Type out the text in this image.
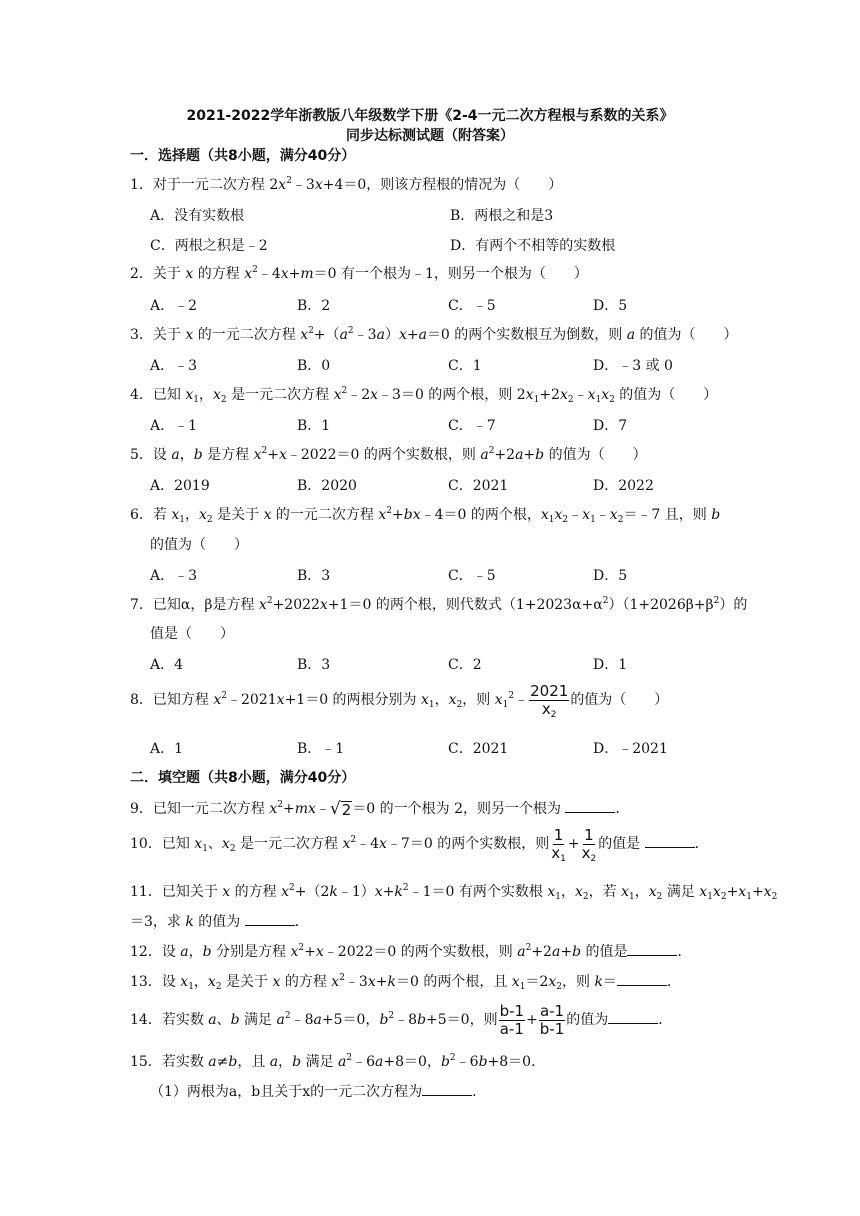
2021-2022学年浙教版八年级数学下册《2-4一元二次方程根与系数的关系》
同步达标测试题（附答案）
一．选择题（共8小题，满分40分）
1．对于一元二次方程 $2x^2﹣3x+4=0$，则该方程根的情况为（　　）
A．没有实数根	B．两根之和是3
C．两根之积是﹣2	D．有两个不相等的实数根
2．关于 x 的方程 $x^2﹣4x+m=0$ 有一个根为﹣1，则另一个根为（　　）
A．﹣2	B．2	C．﹣5	D．5
3．关于 x 的一元二次方程 $x^2+(a^2﹣3a)x+a=0$ 的两个实数根互为倒数，则 a 的值为（　　）
A．﹣3	B．0	C．1	D．﹣3 或 0
4．已知 $x_1$，$x_2$ 是一元二次方程 $x^2﹣2x﹣3=0$ 的两个根，则 $2x_1+2x_2﹣x_1x_2$ 的值为（　　）
A．﹣1	B．1	C．﹣7	D．7
5．设 a，b 是方程 $x^2+x﹣2022=0$ 的两个实数根，则 $a^2+2a+b$ 的值为（　　）
A．2019	B．2020	C．2021	D．2022
6．若 $x_1$，$x_2$ 是关于 x 的一元二次方程 $x^2+bx﹣4=0$ 的两个根，$x_1x_2﹣x_1﹣x_2=﹣7$ 且，则 b
的值为（　　）
A．﹣3	B．3	C．﹣5	D．5
7．已知α，β是方程 $x^2+2022x+1=0$ 的两个根，则代数式$(1+2023\alpha+\alpha^2)(1+2026\beta+\beta^2)$的
值是（　　）
A．4	B．3	C．2	D．1
8．已知方程 $x^2﹣2021x+1=0$ 的两根分别为 $x_1$，$x_2$，则 $x_1^2﹣ \frac{2021}{x_2}$ 的值为（　　）
A．1	B．﹣1	C．2021	D．﹣2021
二．填空题（共8小题，满分40分）
9．已知一元二次方程 $x^2+mx﹣$ √ 2 ＝0 的一个根为 2，则另一个根为	．
10．已知 $x_1$、$x_2$ 是一元二次方程 $x^2﹣4x﹣7=0$ 的两个实数根，则 $\frac{1}{x_1} + \frac{1}{x_2}$ 的值是	．
11．已知关于 x 的方程 $x^2+(2k﹣1)x+k^2﹣1=0$ 有两个实数根 $x_1$，$x_2$，若 $x_1$，$x_2$ 满足 $x_1x_2+x_1+x_2$
＝3，求 k 的值为	．
12．设 a，b 分别是方程 $x^2+x﹣2022=0$ 的两个实数根，则 $a^2+2a+b$ 的值是	．
13．设 $x_1$，$x_2$ 是关于 x 的方程 $x^2﹣3x+k=0$ 的两个根，且 $x_1=2x_2$，则 k＝	．
14．若实数 a、b 满足 $a^2﹣8a+5=0$，$b^2﹣8b+5=0$，则 $\frac{b-1}{a-1} + \frac{a-1}{b-1}$ 的值为	．
15．若实数 a≠b，且 a，b 满足 $a^2﹣6a+8=0$，$b^2﹣6b+8=0$．
（1）两根为a，b且关于x的一元二次方程为	．
